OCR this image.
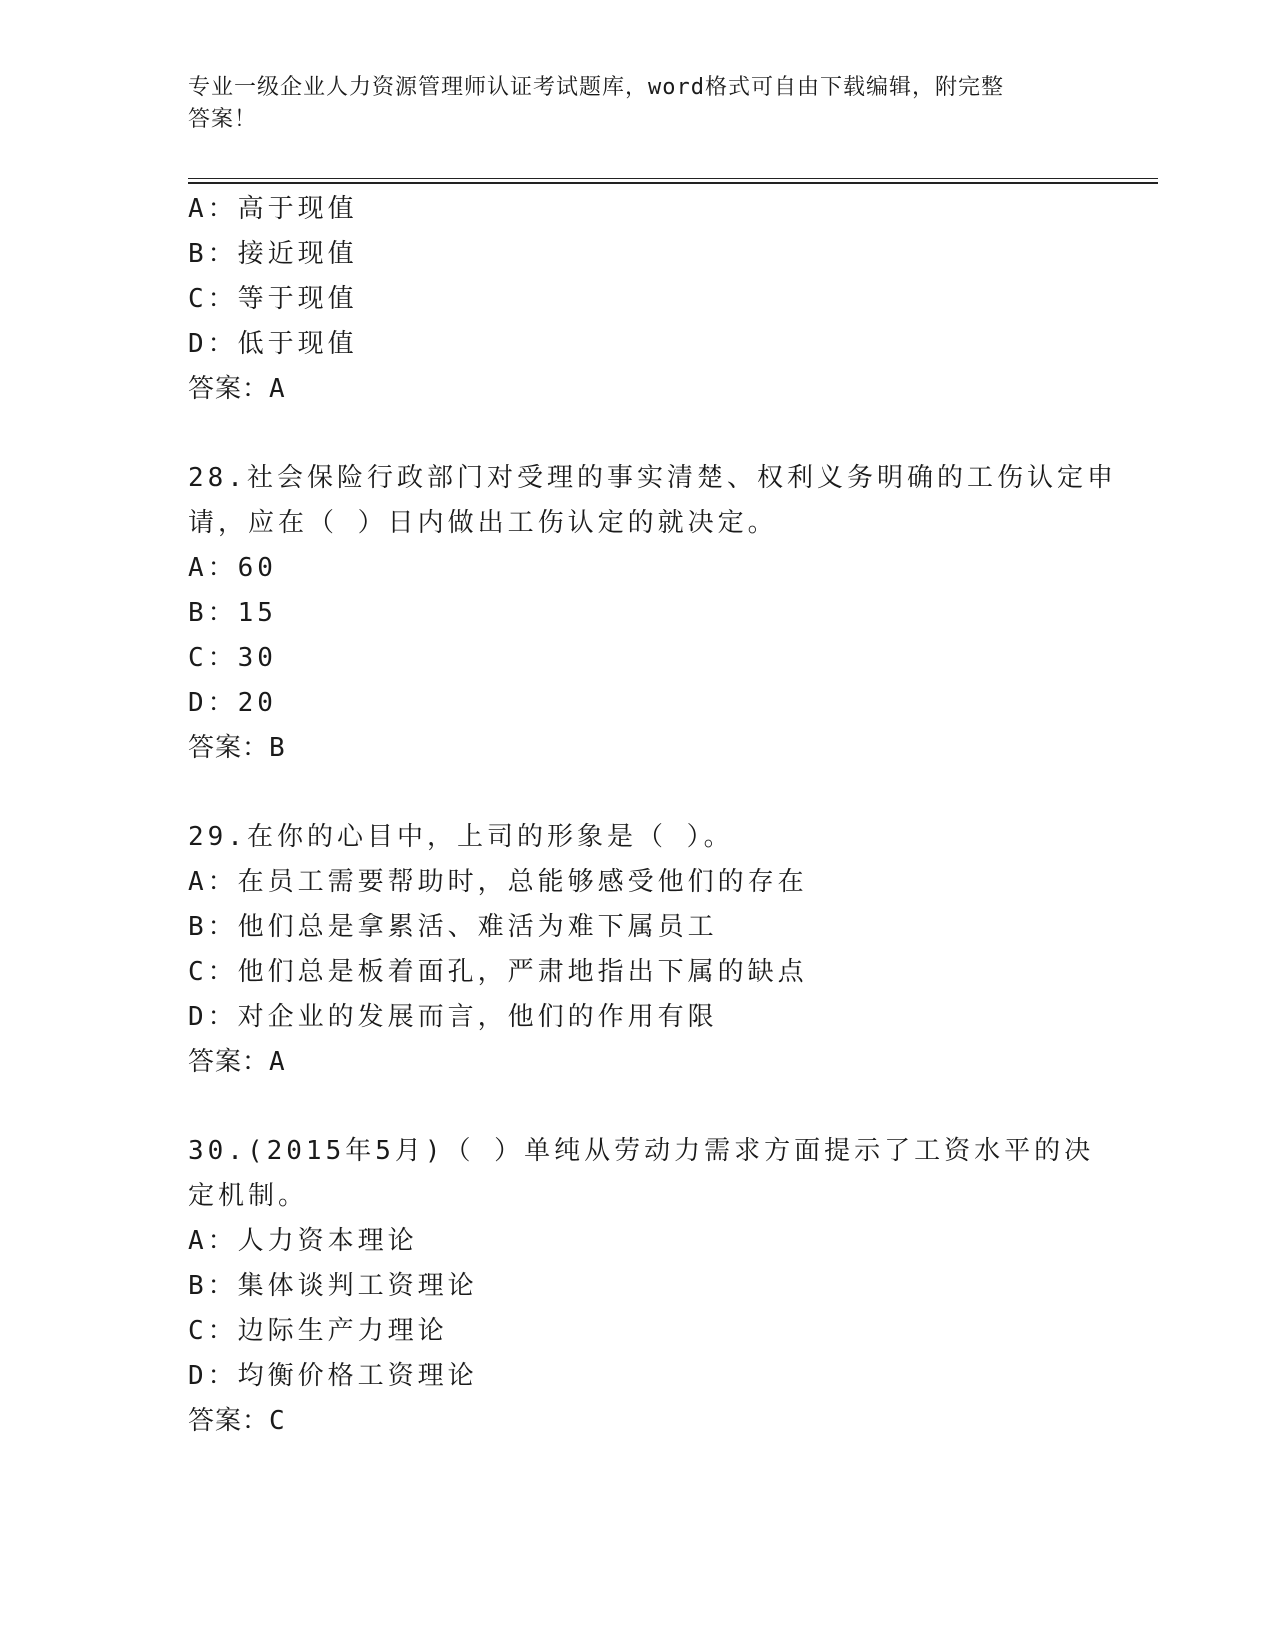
专业一级企业人力资源管理师认证考试题库，word格式可自由下载编辑，附完整
答案！
A：高于现值
B：接近现值
C：等于现值
D：低于现值
答案：A
28.社会保险行政部门对受理的事实清楚、权利义务明确的工伤认定申
请，应在（ ）日内做出工伤认定的就决定。
A：60
B：15
C：30
D：20
答案：B
29.在你的心目中，上司的形象是（ ）。
A：在员工需要帮助时，总能够感受他们的存在
B：他们总是拿累活、难活为难下属员工
C：他们总是板着面孔，严肃地指出下属的缺点
D：对企业的发展而言，他们的作用有限
答案：A
30.(2015年5月)（ ）单纯从劳动力需求方面提示了工资水平的决
定机制。
A：人力资本理论
B：集体谈判工资理论
C：边际生产力理论
D：均衡价格工资理论
答案：C
